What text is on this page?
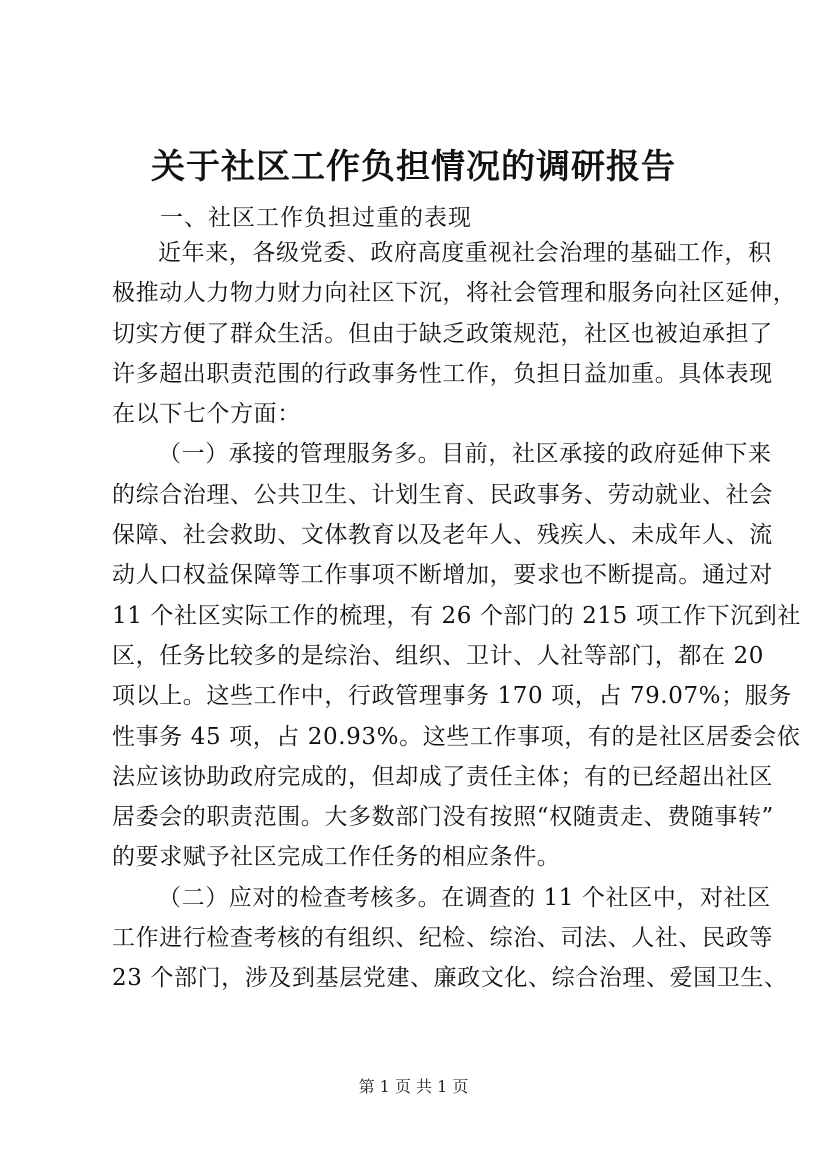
关于社区工作负担情况的调研报告
一、社区工作负担过重的表现
近年来，各级党委、政府高度重视社会治理的基础工作，积
极推动人力物力财力向社区下沉，将社会管理和服务向社区延伸，
切实方便了群众生活。但由于缺乏政策规范，社区也被迫承担了
许多超出职责范围的行政事务性工作，负担日益加重。具体表现
在以下七个方面：
（一）承接的管理服务多。目前，社区承接的政府延伸下来
的综合治理、公共卫生、计划生育、民政事务、劳动就业、社会
保障、社会救助、文体教育以及老年人、残疾人、未成年人、流
动人口权益保障等工作事项不断增加，要求也不断提高。通过对
11 个社区实际工作的梳理，有 26 个部门的 215 项工作下沉到社
区，任务比较多的是综治、组织、卫计、人社等部门，都在 20
项以上。这些工作中，行政管理事务 170 项，占 79.07%；服务
性事务 45 项，占 20.93%。这些工作事项，有的是社区居委会依
法应该协助政府完成的，但却成了责任主体；有的已经超出社区
居委会的职责范围。大多数部门没有按照“权随责走、费随事转”
的要求赋予社区完成工作任务的相应条件。
（二）应对的检查考核多。在调查的 11 个社区中，对社区
工作进行检查考核的有组织、纪检、综治、司法、人社、民政等
23 个部门，涉及到基层党建、廉政文化、综合治理、爱国卫生、
第 1 页 共 1 页
